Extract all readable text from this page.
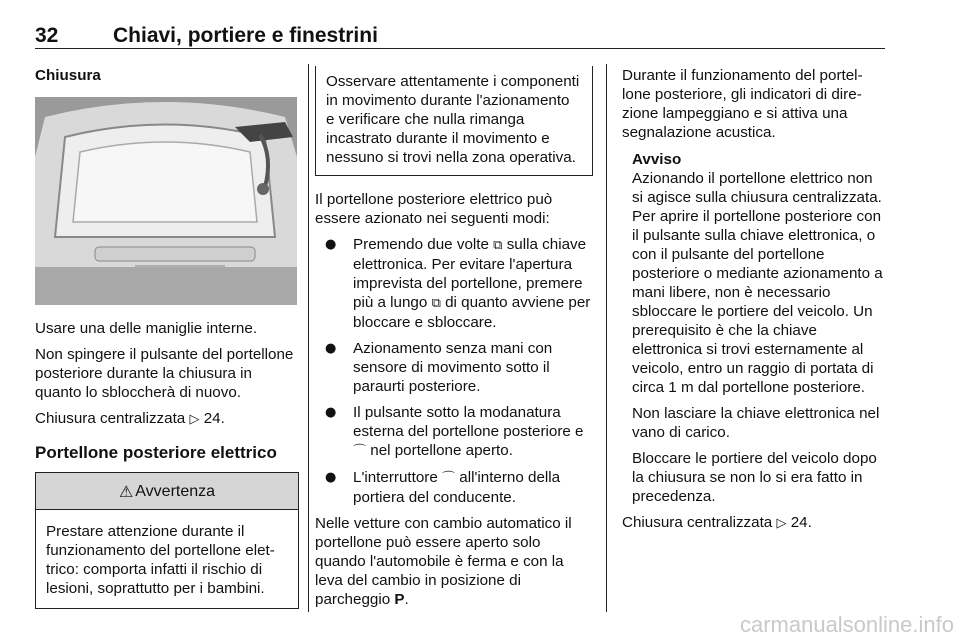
32	Chiavi, portiere e finestrini
Chiusura

Usare una delle maniglie interne.

Non spingere il pulsante del portellone posteriore durante la chiusura in quanto lo sbloccherà di nuovo.

Chiusura centralizzata ▷ 24.

Portellone posteriore elettrico
⚠ Avvertenza
Prestare attenzione durante il funzionamento del portellone elettrico: comporta infatti il rischio di lesioni, soprattutto per i bambini.
Osservare attentamente i componenti in movimento durante l'azionamento e verificare che nulla rimanga incastrato durante il movimento e nessuno si trovi nella zona operativa.

Il portellone posteriore elettrico può essere azionato nei seguenti modi:

● Premendo due volte ⧉ sulla chiave elettronica. Per evitare l'apertura imprevista del portellone, premere più a lungo ⧉ di quanto avviene per bloccare e sbloccare.
● Azionamento senza mani con sensore di movimento sotto il paraurti posteriore.
● Il pulsante sotto la modanatura esterna del portellone posteriore e ⌒ nel portellone aperto.
● L'interruttore ⌒ all'interno della portiera del conducente.

Nelle vetture con cambio automatico il portellone può essere aperto solo quando l'automobile è ferma e con la leva del cambio in posizione di parcheggio P.

Durante il funzionamento del portellone posteriore, gli indicatori di direzione lampeggiano e si attiva una segnalazione acustica.

Avviso

Azionando il portellone elettrico non si agisce sulla chiusura centralizzata. Per aprire il portellone posteriore con il pulsante sulla chiave elettronica, o con il pulsante del portellone posteriore o mediante azionamento a mani libere, non è necessario sbloccare le portiere del veicolo. Un prerequisito è che la chiave elettronica si trovi esternamente al veicolo, entro un raggio di portata di circa 1 m dal portellone posteriore.

Non lasciare la chiave elettronica nel vano di carico.

Bloccare le portiere del veicolo dopo la chiusura se non lo si era fatto in precedenza.

Chiusura centralizzata ▷ 24.

carmanualsonline.info
